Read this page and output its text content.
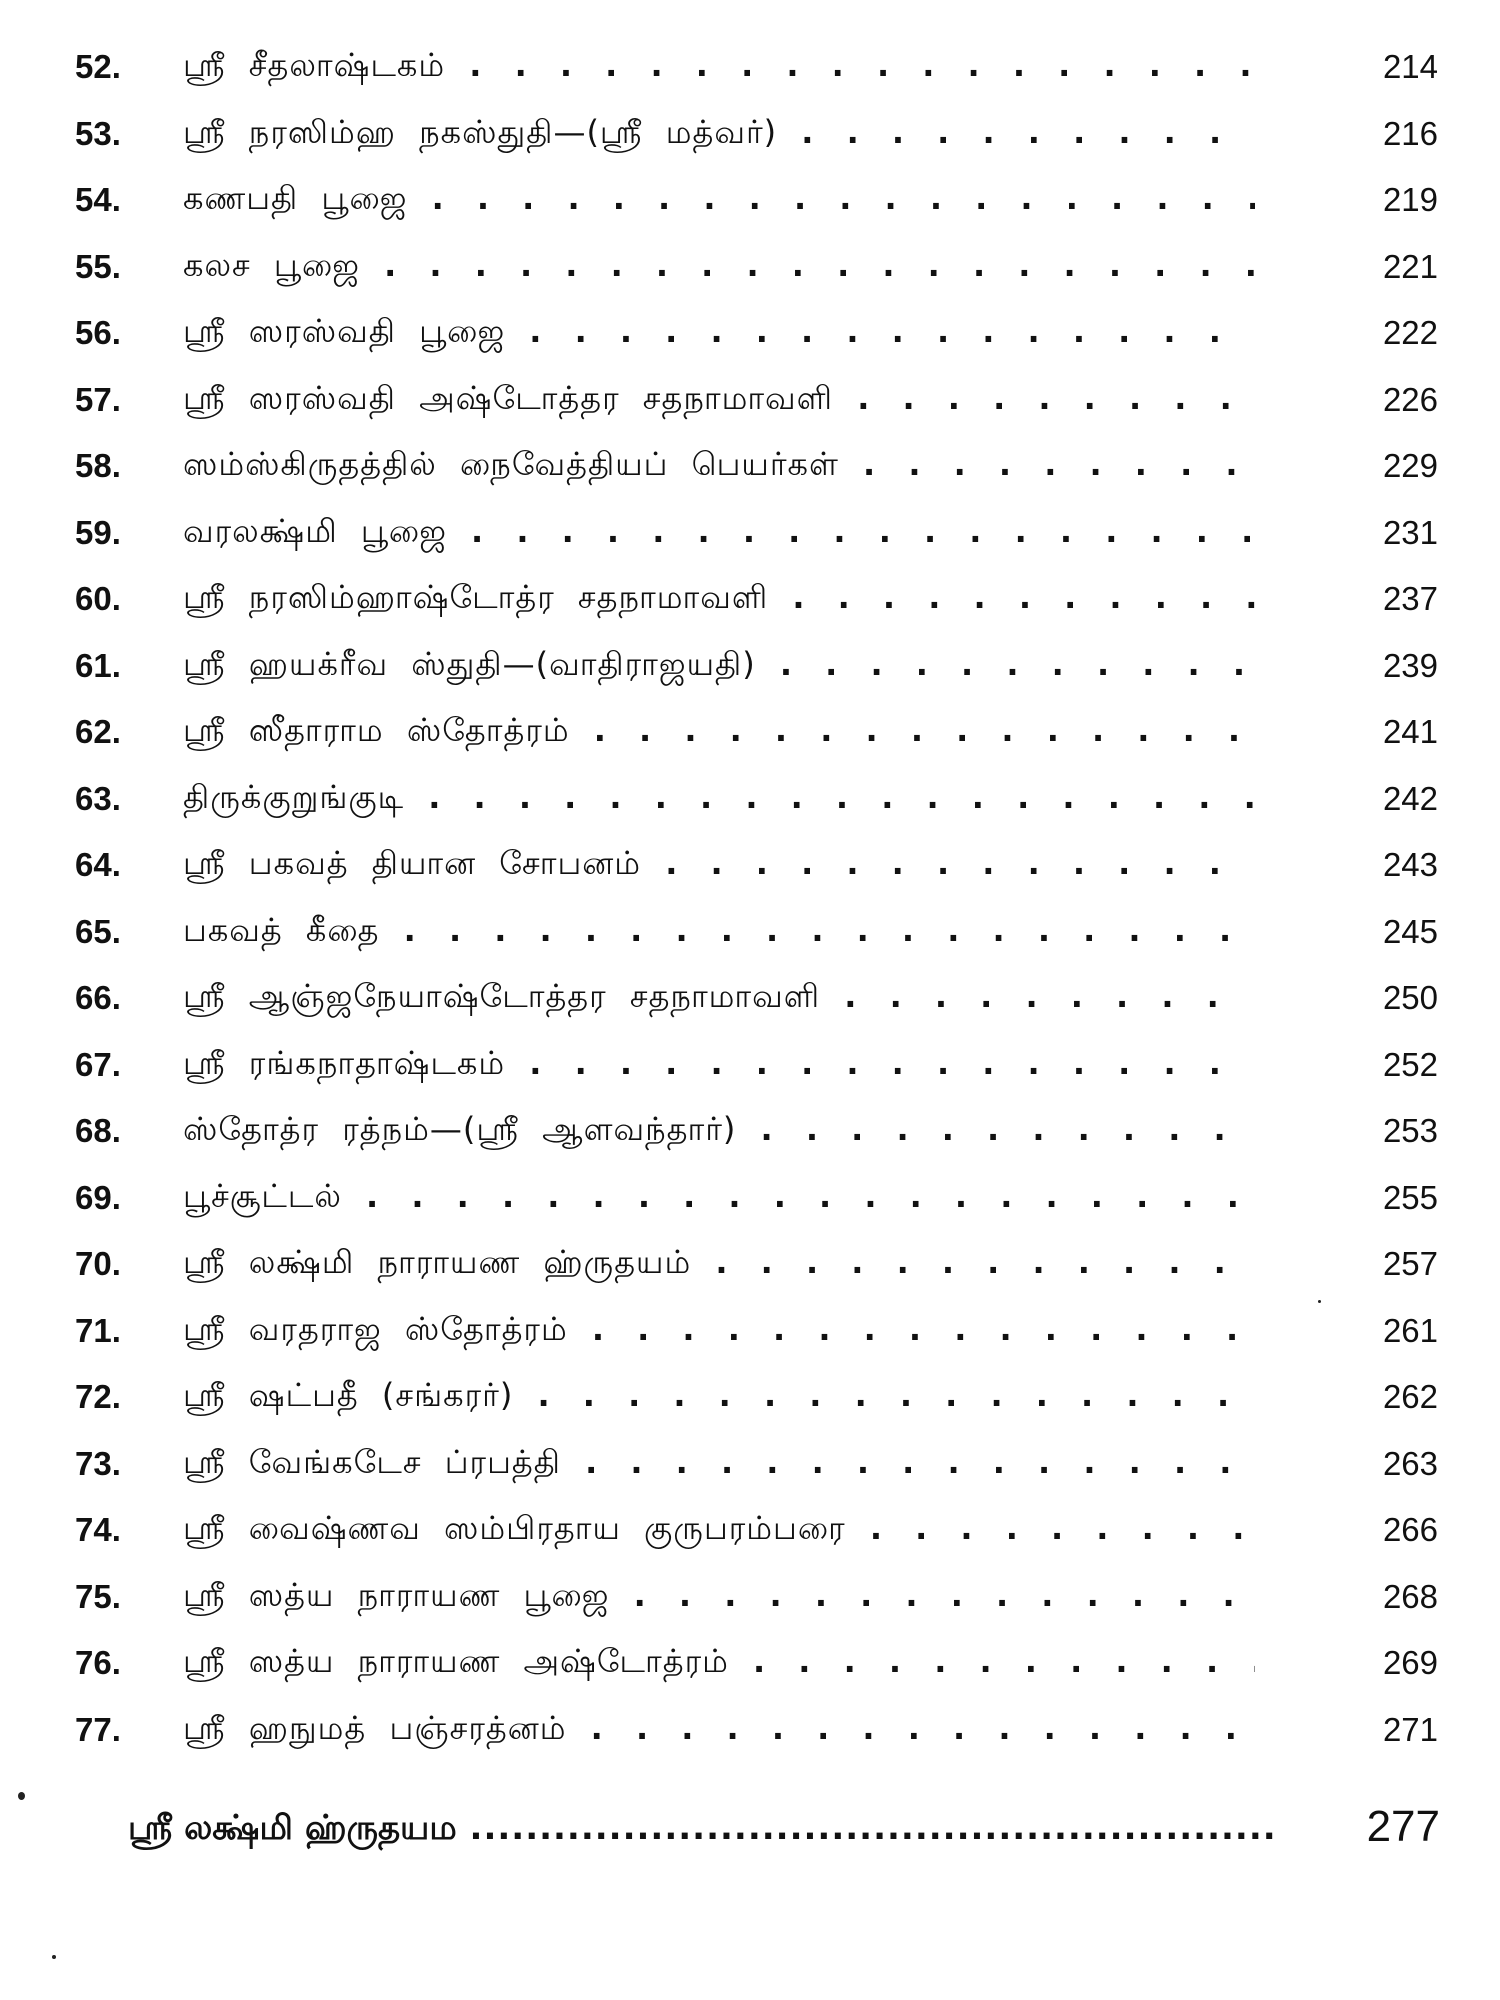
52.	ஸ்ரீ சீதலாஷ்டகம் . . .	214
53.	ஸ்ரீ நரஸிம்ஹ நகஸ்துதி—(ஸ்ரீ மத்வர்) . . .	216
54.	கணபதி பூஜை . . .	219
55.	கலச பூஜை . . .	221
56.	ஸ்ரீ ஸரஸ்வதி பூஜை . . .	222
57.	ஸ்ரீ ஸரஸ்வதி அஷ்டோத்தர சதநாமாவளி . . .	226
58.	ஸம்ஸ்கிருதத்தில் நைவேத்தியப் பெயர்கள் . . .	229
59.	வரலக்ஷ்மி பூஜை . . .	231
60.	ஸ்ரீ நரஸிம்ஹாஷ்டோத்ர சதநாமாவளி . . .	237
61.	ஸ்ரீ ஹயக்ரீவ ஸ்துதி—(வாதிராஜயதி) . . .	239
62.	ஸ்ரீ ஸீதாராம ஸ்தோத்ரம் . . .	241
63.	திருக்குறுங்குடி . . .	242
64.	ஸ்ரீ பகவத் தியான சோபனம் . . .	243
65.	பகவத் கீதை . . .	245
66.	ஸ்ரீ ஆஞ்ஜநேயாஷ்டோத்தர சதநாமாவளி . . .	250
67.	ஸ்ரீ ரங்கநாதாஷ்டகம் . . .	252
68.	ஸ்தோத்ர ரத்நம்—(ஸ்ரீ ஆளவந்தார்) . . .	253
69.	பூச்சூட்டல் . . .	255
70.	ஸ்ரீ லக்ஷ்மி நாராயண ஹ்ருதயம் . . .	257
71.	ஸ்ரீ வரதராஜ ஸ்தோத்ரம் . . .	261
72.	ஸ்ரீ ஷட்பதீ (சங்கரர்) . . .	262
73.	ஸ்ரீ வேங்கடேச ப்ரபத்தி . . .	263
74.	ஸ்ரீ வைஷ்ணவ ஸம்பிரதாய குருபரம்பரை . . .	266
75.	ஸ்ரீ ஸத்ய நாராயண பூஜை . . .	268
76.	ஸ்ரீ ஸத்ய நாராயண அஷ்டோத்ரம் . . .	269
77.	ஸ்ரீ ஹநுமத் பஞ்சரத்னம் . . .	271
ஸ்ரீ லக்ஷ்மி ஹ்ருதயம .....	277
